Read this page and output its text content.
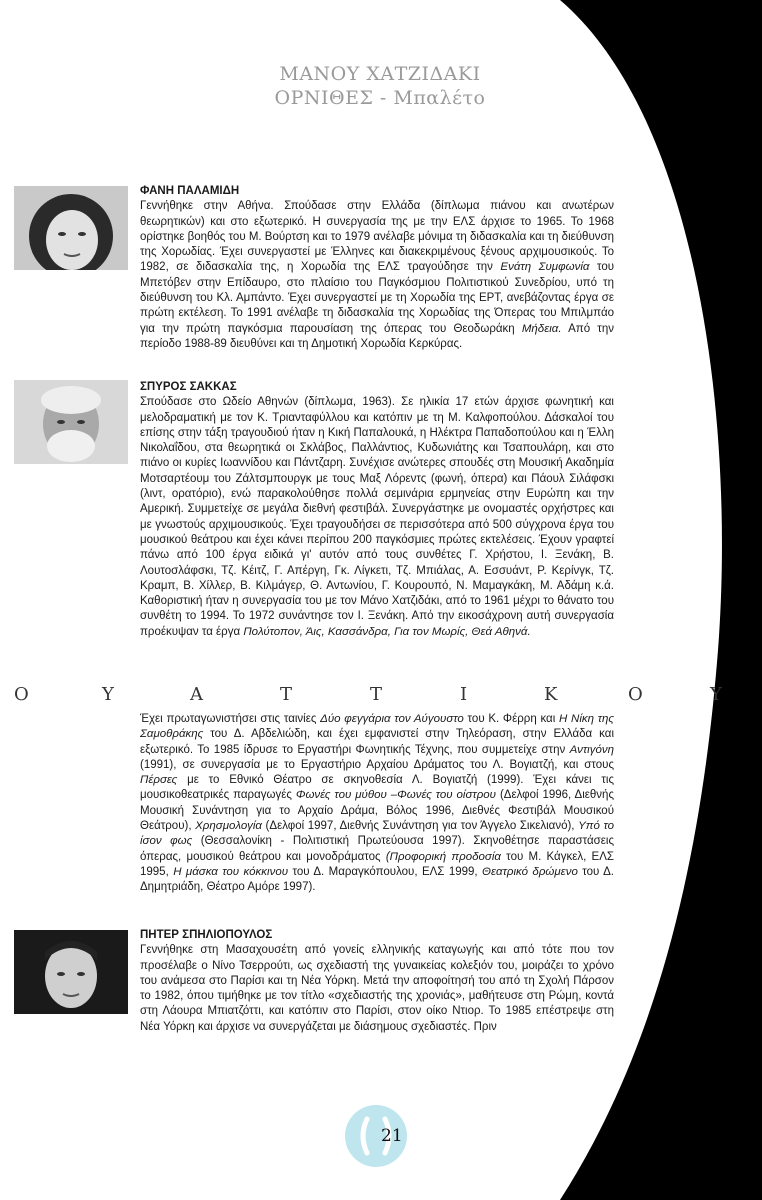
ΜΑΝΟΥ ΧΑΤΖΙΔΑΚΙ
ΟΡΝΙΘΕΣ - Μπαλέτο
ΦΑΝΗ ΠΑΛΑΜΙΔΗ
Γεννήθηκε στην Αθήνα. Σπούδασε στην Ελλάδα (δίπλωμα πιάνου και ανωτέρων θεωρητικών) και στο εξωτερικό. Η συνεργασία της με την ΕΛΣ άρχισε το 1965. Το 1968 ορίστηκε βοηθός του Μ. Βούρτση και το 1979 ανέλαβε μόνιμα τη διδασκαλία και τη διεύθυνση της Χορωδίας. Έχει συνεργαστεί με Έλληνες και διακεκριμένους ξένους αρχιμουσικούς. Το 1982, σε διδασκαλία της, η Χορωδία της ΕΛΣ τραγούδησε την Ενάτη Συμφωνία του Μπετόβεν στην Επίδαυρο, στο πλαίσιο του Παγκόσμιου Πολιτιστικού Συνεδρίου, υπό τη διεύθυνση του Κλ. Αμπάντο. Έχει συνεργαστεί με τη Χορωδία της ΕΡΤ, ανεβάζοντας έργα σε πρώτη εκτέλεση. Το 1991 ανέλαβε τη διδασκαλία της Χορωδίας της Όπερας του Μπιλμπάο για την πρώτη παγκόσμια παρουσίαση της όπερας του Θεοδωράκη Μήδεια. Από την περίοδο 1988-89 διευθύνει και τη Δημοτική Χορωδία Κερκύρας.
ΣΠΥΡΟΣ ΣΑΚΚΑΣ
Σπούδασε στο Ωδείο Αθηνών (δίπλωμα, 1963). Σε ηλικία 17 ετών άρχισε φωνητική και μελοδραματική με τον Κ. Τριανταφύλλου και κατόπιν με τη Μ. Καλφοπούλου. Δάσκαλοί του επίσης στην τάξη τραγουδιού ήταν η Κική Παπαλουκά, η Ηλέκτρα Παπαδοπούλου και η Έλλη Νικολαΐδου, στα θεωρητικά οι Σκλάβος, Παλλάντιος, Κυδωνιάτης και Τσαπουλάρη, και στο πιάνο οι κυρίες Ιωαννίδου και Πάντζαρη. Συνέχισε ανώτερες σπουδές στη Μουσική Ακαδημία Μοτσαρτέουμ του Ζάλτσμπουργκ με τους Μαξ Λόρεντς (φωνή, όπερα) και Πάουλ Σιλάφσκι (λιντ, ορατόριο), ενώ παρακολούθησε πολλά σεμινάρια ερμηνείας στην Ευρώπη και την Αμερική. Συμμετείχε σε μεγάλα διεθνή φεστιβάλ. Συνεργάστηκε με ονομαστές ορχήστρες και με γνωστούς αρχιμουσικούς. Έχει τραγουδήσει σε περισσότερα από 500 σύγχρονα έργα του μουσικού θεάτρου και έχει κάνει περίπου 200 παγκόσμιες πρώτες εκτελέσεις. Έχουν γραφτεί πάνω από 100 έργα ειδικά γι' αυτόν από τους συνθέτες Γ. Χρήστου, Ι. Ξενάκη, Β. Λουτοσλάφσκι, Τζ. Κέιτζ, Γ. Απέργη, Γκ. Λίγκετι, Τζ. Μπιάλας, Α. Εσσυάντ, Ρ. Κερίνγκ, Τζ. Κραμπ, Β. Χίλλερ, Β. Κιλμάγερ, Θ. Αντωνίου, Γ. Κουρουπό, Ν. Μαμαγκάκη, Μ. Αδάμη κ.ά. Καθοριστική ήταν η συνεργασία του με τον Μάνο Χατζιδάκι, από το 1961 μέχρι το θάνατο του συνθέτη το 1994. Το 1972 συνάντησε τον Ι. Ξενάκη. Από την εικοσάχρονη αυτή συνεργασία προέκυψαν τα έργα Πολύτοπον, Άις, Κασσάνδρα, Για τον Μωρίς, Θεά Αθηνά.
Ο	Υ	Α	Τ	Τ	Ι	Κ	Ο	Υ
Έχει πρωταγωνιστήσει στις ταινίες Δύο φεγγάρια τον Αύγουστο του Κ. Φέρρη και Η Νίκη της Σαμοθράκης του Δ. Αβδελιώδη, και έχει εμφανιστεί στην Τηλεόραση, στην Ελλάδα και εξωτερικό. Το 1985 ίδρυσε το Εργαστήρι Φωνητικής Τέχνης, που συμμετείχε στην Αντιγόνη (1991), σε συνεργασία με το Εργαστήριο Αρχαίου Δράματος του Λ. Βογιατζή, και στους Πέρσες με το Εθνικό Θέατρο σε σκηνοθεσία Λ. Βογιατζή (1999). Έχει κάνει τις μουσικοθεατρικές παραγωγές Φωνές του μύθου –Φωνές του οίστρου (Δελφοί 1996, Διεθνής Μουσική Συνάντηση για το Αρχαίο Δράμα, Βόλος 1996, Διεθνές Φεστιβάλ Μουσικού Θεάτρου), Χρησμολογία (Δελφοί 1997, Διεθνής Συνάντηση για τον Άγγελο Σικελιανό), Υπό το ίσον φως (Θεσσαλονίκη - Πολιτιστική Πρωτεύουσα 1997). Σκηνοθέτησε παραστάσεις όπερας, μουσικού θεάτρου και μονοδράματος (Προφορική προδοσία του Μ. Κάγκελ, ΕΛΣ 1995, Η μάσκα του κόκκινου του Δ. Μαραγκόπουλου, ΕΛΣ 1999, Θεατρικό δρώμενο του Δ. Δημητριάδη, Θέατρο Αμόρε 1997).
ΠΗΤΕΡ ΣΠΗΛΙΟΠΟΥΛΟΣ
Γεννήθηκε στη Μασαχουσέτη από γονείς ελληνικής καταγωγής και από τότε που τον προσέλαβε ο Νίνο Τσερρούτι, ως σχεδιαστή της γυναικείας κολεξιόν του, μοιράζει το χρόνο του ανάμεσα στο Παρίσι και τη Νέα Υόρκη. Μετά την αποφοίτησή του από τη Σχολή Πάρσον το 1982, όπου τιμήθηκε με τον τίτλο «σχεδιαστής της χρονιάς», μαθήτευσε στη Ρώμη, κοντά στη Λάουρα Μπιατζόττι, και κατόπιν στο Παρίσι, στον οίκο Ντιορ. Το 1985 επέστρεψε στη Νέα Υόρκη και άρχισε να συνεργάζεται με διάσημους σχεδιαστές. Πριν
21
